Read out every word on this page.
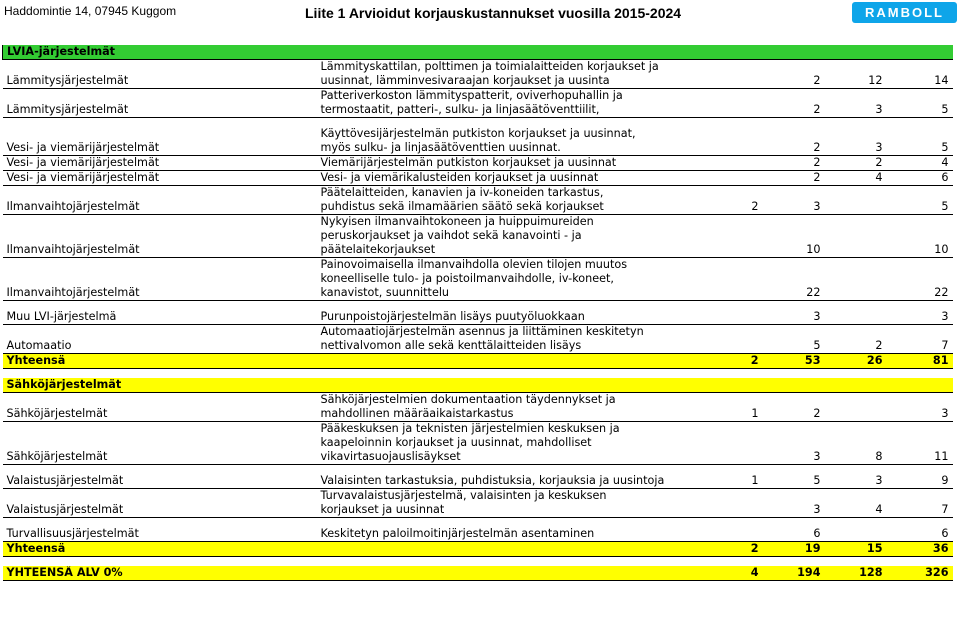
Haddomintie 14, 07945 Kuggom	Liite 1 Arvioidut korjauskustannukset vuosilla 2015-2024	RAMBOLL
LVIA-järjestelmät					
Lämmitysjärjestelmät	Lämmityskattilan, polttimen ja toimialaitteiden korjaukset ja
uusinnat, lämminvesivaraajan korjaukset ja uusinta		2	12	14
Lämmitysjärjestelmät	Patteriverkoston lämmityspatterit, oviverhopuhallin ja
termostaatit, patteri-, sulku- ja linjasäätöventtiilit,		2	3	5

Vesi- ja viemärijärjestelmät	Käyttövesijärjestelmän putkiston korjaukset ja uusinnat,
myös sulku- ja linjasäätöventtien uusinnat.		2	3	5
Vesi- ja viemärijärjestelmät	Viemärijärjestelmän putkiston korjaukset ja uusinnat		2	2	4
Vesi- ja viemärijärjestelmät	Vesi- ja viemärikalusteiden korjaukset ja uusinnat		2	4	6
Ilmanvaihtojärjestelmät	Päätelaitteiden, kanavien ja iv-koneiden tarkastus,
puhdistus sekä ilmamäärien säätö sekä korjaukset	2	3		5
Ilmanvaihtojärjestelmät	Nykyisen ilmanvaihtokoneen ja huippuimureiden
peruskorjaukset ja vaihdot sekä kanavointi - ja
päätelaitekorjaukset		10		10
Ilmanvaihtojärjestelmät	Painovoimaisella ilmanvaihdolla olevien tilojen muutos
koneelliselle tulo- ja poistoilmanvaihdolle, iv-koneet,
kanavistot, suunnittelu		22		22

Muu LVI-järjestelmä	Purunpoistojärjestelmän lisäys puutyöluokkaan		3		3
Automaatio	Automaatiojärjestelmän asennus ja liittäminen keskitetyn
nettivalvomon alle sekä kenttälaitteiden lisäys		5	2	7
Yhteensä		2	53	26	81

Sähköjärjestelmät					
Sähköjärjestelmät	Sähköjärjestelmien dokumentaation täydennykset ja
mahdollinen määräaikaistarkastus	1	2		3
Sähköjärjestelmät	Pääkeskuksen ja teknisten järjestelmien keskuksen ja
kaapeloinnin korjaukset ja uusinnat, mahdolliset
vikavirtasuojauslisäykset		3	8	11

Valaistusjärjestelmät	Valaisinten tarkastuksia, puhdistuksia, korjauksia ja uusintoja	1	5	3	9
Valaistusjärjestelmät	Turvavalaistusjärjestelmä, valaisinten ja keskuksen
korjaukset ja uusinnat		3	4	7

Turvallisuusjärjestelmät	Keskitetyn paloilmoitinjärjestelmän asentaminen		6		6
Yhteensä		2	19	15	36

YHTEENSÄ ALV 0%		4	194	128	326
